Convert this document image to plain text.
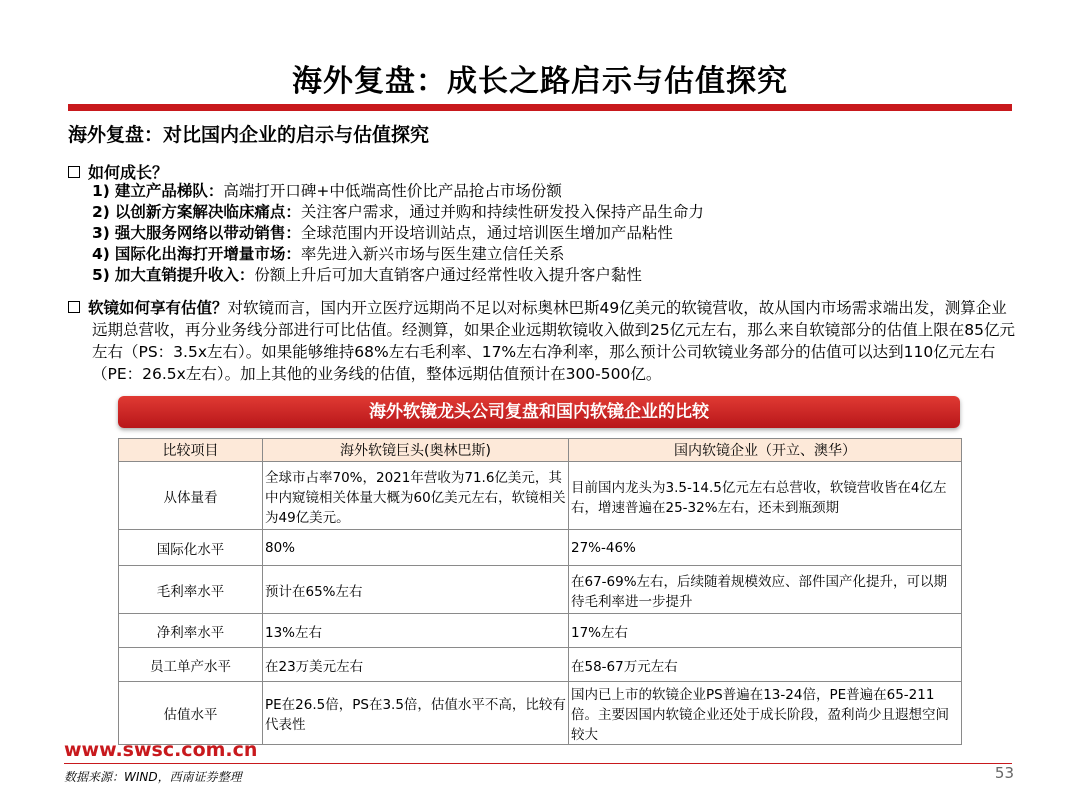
海外复盘：成长之路启示与估值探究
海外复盘：对比国内企业的启示与估值探究
如何成长？
1) 建立产品梯队：高端打开口碑+中低端高性价比产品抢占市场份额
2) 以创新方案解决临床痛点：关注客户需求，通过并购和持续性研发投入保持产品生命力
3) 强大服务网络以带动销售：全球范围内开设培训站点，通过培训医生增加产品粘性
4) 国际化出海打开增量市场：率先进入新兴市场与医生建立信任关系
5) 加大直销提升收入：份额上升后可加大直销客户通过经常性收入提升客户黏性
软镜如何享有估值？对软镜而言，国内开立医疗远期尚不足以对标奥林巴斯49亿美元的软镜营收，故从国内市场需求端出发，测算企业远期总营收，再分业务线分部进行可比估值。经测算，如果企业远期软镜收入做到25亿元左右，那么来自软镜部分的估值上限在85亿元左右（PS：3.5x左右）。如果能够维持68%左右毛利率、17%左右净利率，那么预计公司软镜业务部分的估值可以达到110亿元左右（PE：26.5x左右）。加上其他的业务线的估值，整体远期估值预计在300-500亿。
海外软镜龙头公司复盘和国内软镜企业的比较
比较项目	海外软镜巨头(奥林巴斯)	国内软镜企业（开立、澳华）
从体量看	全球市占率70%，2021年营收为71.6亿美元，其中内窥镜相关体量大概为60亿美元左右，软镜相关为49亿美元。	目前国内龙头为3.5-14.5亿元左右总营收，软镜营收皆在4亿左右，增速普遍在25-32%左右，还未到瓶颈期
国际化水平	80%	27%-46%
毛利率水平	预计在65%左右	在67-69%左右，后续随着规模效应、部件国产化提升，可以期待毛利率进一步提升
净利率水平	13%左右	17%左右
员工单产水平	在23万美元左右	在58-67万元左右
估值水平	PE在26.5倍，PS在3.5倍，估值水平不高，比较有代表性	国内已上市的软镜企业PS普遍在13-24倍，PE普遍在65-211倍。主要因国内软镜企业还处于成长阶段，盈利尚少且遐想空间较大
www.swsc.com.cn
数据来源：WIND，西南证券整理	53
